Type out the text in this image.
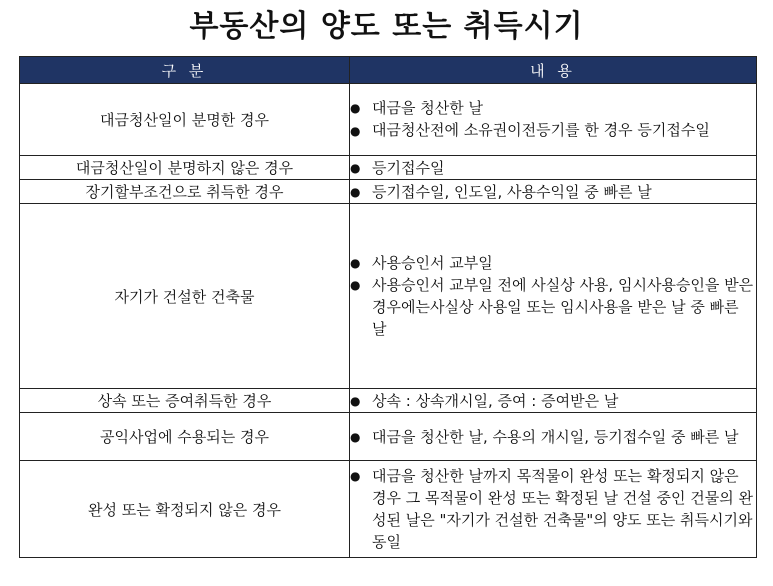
부동산의 양도 또는 취득시기
구 분	내 용
대금청산일이 분명한 경우	● 대금을 청산한 날
● 대금청산전에 소유권이전등기를 한 경우 등기접수일

대금청산일이 분명하지 않은 경우	● 등기접수일

장기할부조건으로 취득한 경우	● 등기접수일, 인도일, 사용수익일 중 빠른 날

자기가 건설한 건축물	● 사용승인서 교부일
● 사용승인서 교부일 전에 사실상 사용, 임시사용승인을 받은 경우에는사실상 사용일 또는 임시사용을 받은 날 중 빠른 날

상속 또는 증여취득한 경우	● 상속 : 상속개시일, 증여 : 증여받은 날

공익사업에 수용되는 경우	● 대금을 청산한 날, 수용의 개시일, 등기접수일 중 빠른 날

완성 또는 확정되지 않은 경우	● 대금을 청산한 날까지 목적물이 완성 또는 확정되지 않은 경우 그 목적물이 완성 또는 확정된 날 건설 중인 건물의 완성된 날은 "자기가 건설한 건축물"의 양도 또는 취득시기와 동일
